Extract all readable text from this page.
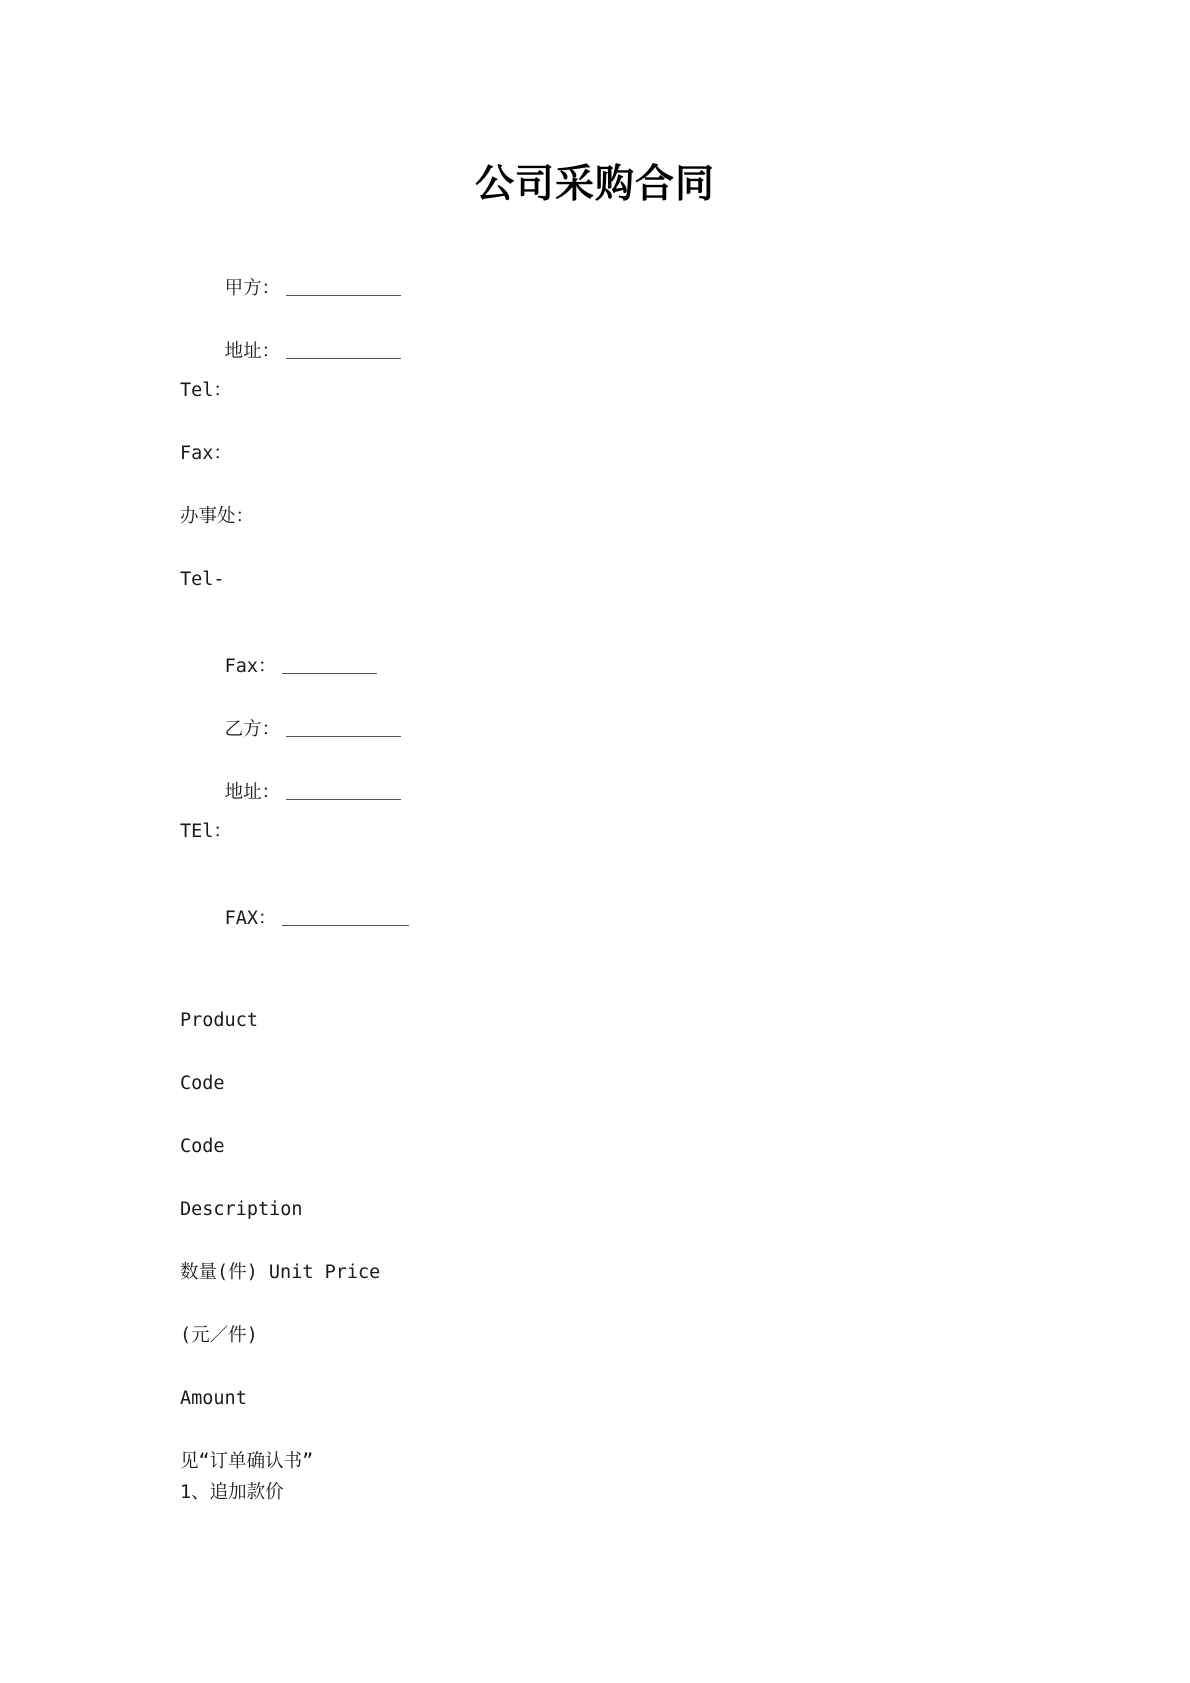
公司采购合同

甲方：

地址：

Tel：
Fax：
办事处：
Tel-

Fax：

乙方：

地址：

TEl：

FAX：

Product
Code
Code
Description
数量(件) Unit Price
(元／件)
Amount
见“订单确认书”
1、追加款价
